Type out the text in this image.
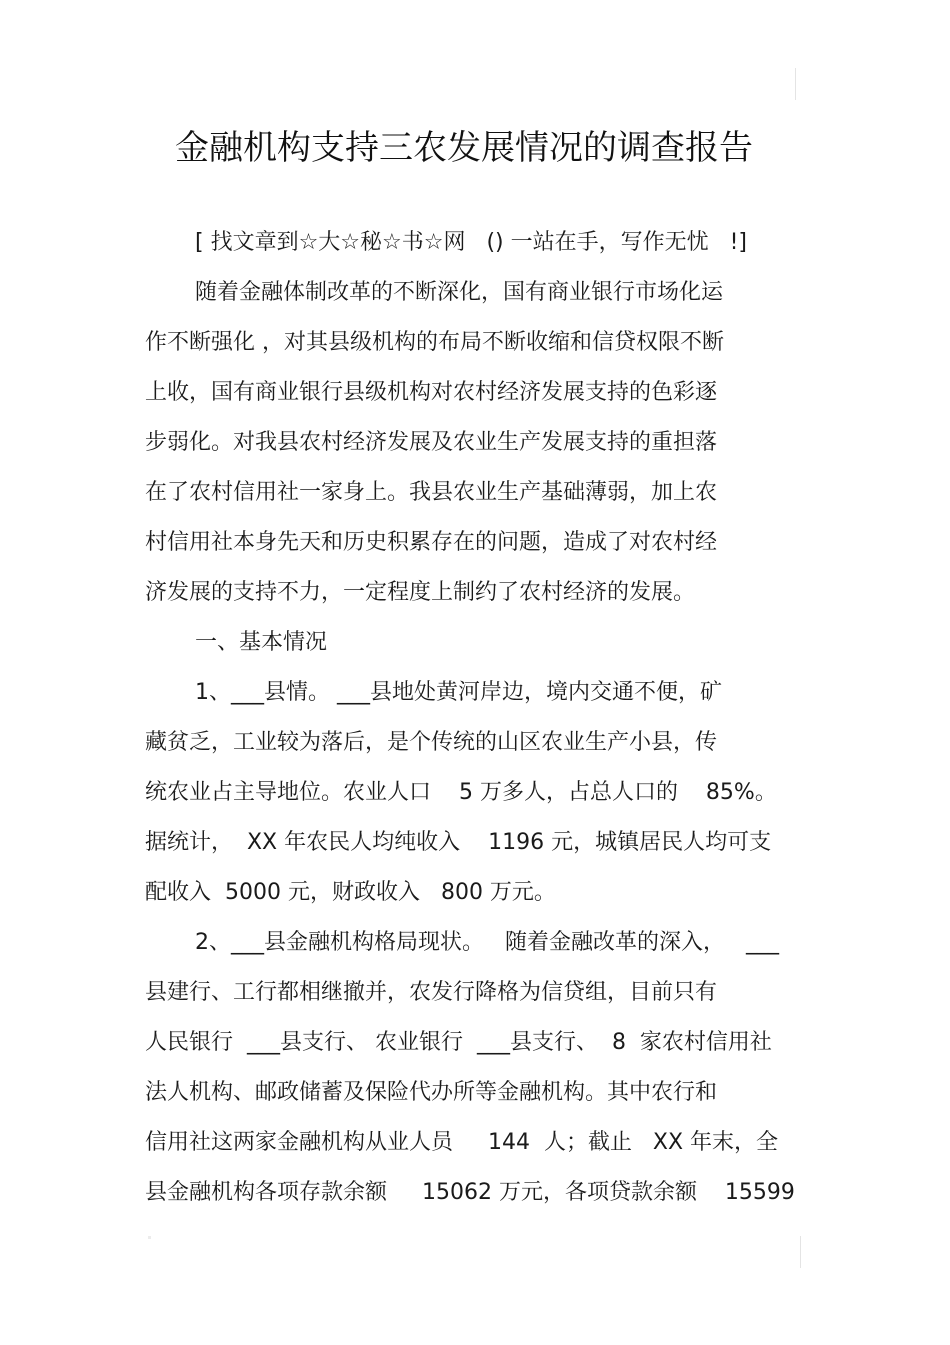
金融机构支持三农发展情况的调查报告
[ 找文章到☆大☆秘☆书☆网   () 一站在手，写作无忧   !]
随着金融体制改革的不断深化，国有商业银行市场化运
作不断强化 ，对其县级机构的布局不断收缩和信贷权限不断
上收，国有商业银行县级机构对农村经济发展支持的色彩逐
步弱化。对我县农村经济发展及农业生产发展支持的重担落
在了农村信用社一家身上。我县农业生产基础薄弱，加上农
村信用社本身先天和历史积累存在的问题，造成了对农村经
济发展的支持不力，一定程度上制约了农村经济的发展。
一、基本情况
1、___县情。 ___县地处黄河岸边，境内交通不便，矿
藏贫乏，工业较为落后，是个传统的山区农业生产小县，传
统农业占主导地位。农业人口    5 万多人，占总人口的    85%。
据统计，  XX 年农民人均纯收入    1196 元，城镇居民人均可支
配收入  5000 元，财政收入   800 万元。
2、___县金融机构格局现状。   随着金融改革的深入，   ___
县建行、工行都相继撤并，农发行降格为信贷组，目前只有
人民银行  ___县支行、 农业银行  ___县支行、  8  家农村信用社
法人机构、邮政储蓄及保险代办所等金融机构。其中农行和
信用社这两家金融机构从业人员     144  人；截止   XX 年末，全
县金融机构各项存款余额     15062 万元，各项贷款余额    15599
